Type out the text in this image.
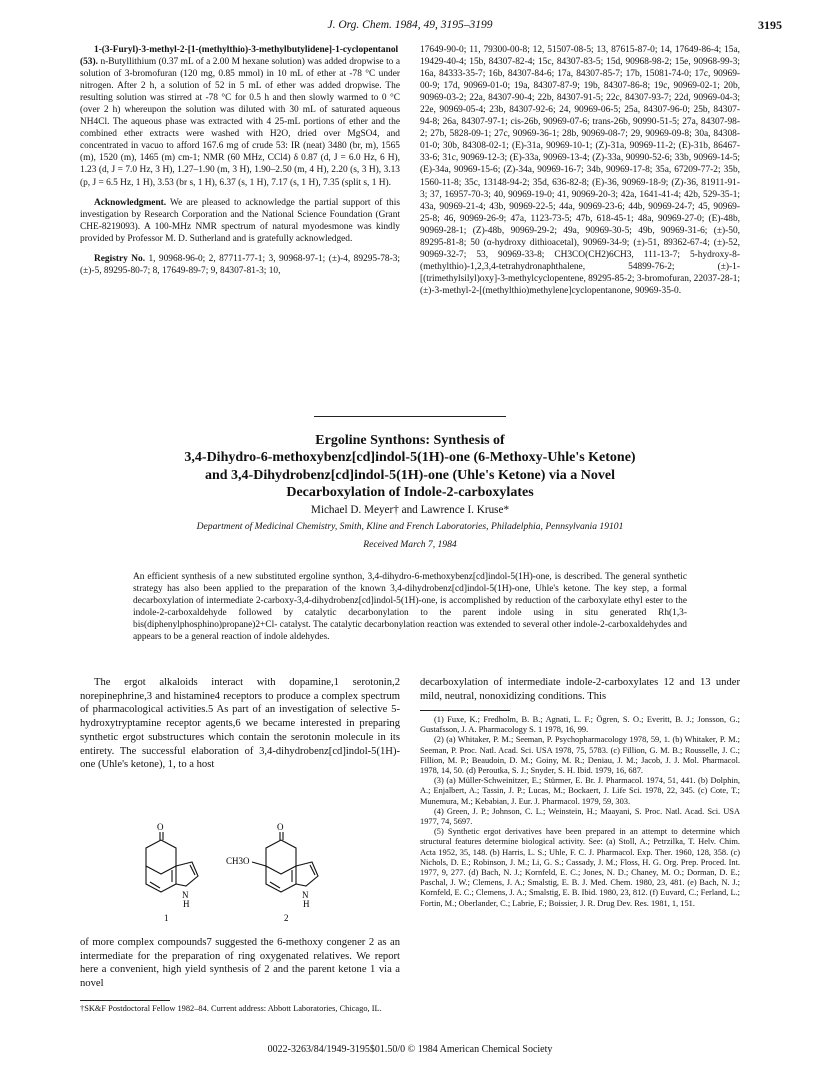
J. Org. Chem. 1984, 49, 3195–3199	3195

1-(3-Furyl)-3-methyl-2-[1-(methylthio)-3-methylbutylidene]-1-cyclopentanol (53). n-Butyllithium (0.37 mL of a 2.00 M hexane solution) was added dropwise to a solution of 3-bromofuran (120 mg, 0.85 mmol) in 10 mL of ether at -78 °C under nitrogen. After 2 h, a solution of 52 in 5 mL of ether was added dropwise. The resulting solution was stirred at -78 °C for 0.5 h and then slowly warmed to 0 °C (over 2 h) whereupon the solution was diluted with 30 mL of saturated aqueous NH4Cl. The aqueous phase was extracted with 4 25-mL portions of ether and the combined ether extracts were washed with H2O, dried over MgSO4, and concentrated in vacuo to afford 167.6 mg of crude 53: IR (neat) 3480 (br, m), 1565 (m), 1520 (m), 1465 (m) cm-1; NMR (60 MHz, CCl4) δ 0.87 (d, J = 6.0 Hz, 6 H), 1.23 (d, J = 7.0 Hz, 3 H), 1.27–1.90 (m, 3 H), 1.90–2.50 (m, 4 H), 2.20 (s, 3 H), 3.13 (p, J = 6.5 Hz, 1 H), 3.53 (br s, 1 H), 6.37 (s, 1 H), 7.17 (s, 1 H), 7.35 (split s, 1 H).

Acknowledgment. We are pleased to acknowledge the partial support of this investigation by Research Corporation and the National Science Foundation (Grant CHE-8219093). A 100-MHz NMR spectrum of natural myodesmone was kindly provided by Professor M. D. Sutherland and is gratefully acknowledged.

Registry No. 1, 90968-96-0; 2, 87711-77-1; 3, 90968-97-1; (±)-4, 89295-78-3; (±)-5, 89295-80-7; 8, 17649-89-7; 9, 84307-81-3; 10,

17649-90-0; 11, 79300-00-8; 12, 51507-08-5; 13, 87615-87-0; 14, 17649-86-4; 15a, 19429-40-4; 15b, 84307-82-4; 15c, 84307-83-5; 15d, 90968-98-2; 15e, 90968-99-3; 16a, 84333-35-7; 16b, 84307-84-6; 17a, 84307-85-7; 17b, 15081-74-0; 17c, 90969-00-9; 17d, 90969-01-0; 19a, 84307-87-9; 19b, 84307-86-8; 19c, 90969-02-1; 20b, 90969-03-2; 22a, 84307-90-4; 22b, 84307-91-5; 22c, 84307-93-7; 22d, 90969-04-3; 22e, 90969-05-4; 23b, 84307-92-6; 24, 90969-06-5; 25a, 84307-96-0; 25b, 84307-94-8; 26a, 84307-97-1; cis-26b, 90969-07-6; trans-26b, 90990-51-5; 27a, 84307-98-2; 27b, 5828-09-1; 27c, 90969-36-1; 28b, 90969-08-7; 29, 90969-09-8; 30a, 84308-01-0; 30b, 84308-02-1; (E)-31a, 90969-10-1; (Z)-31a, 90969-11-2; (E)-31b, 86467-33-6; 31c, 90969-12-3; (E)-33a, 90969-13-4; (Z)-33a, 90990-52-6; 33b, 90969-14-5; (E)-34a, 90969-15-6; (Z)-34a, 90969-16-7; 34b, 90969-17-8; 35a, 67209-77-2; 35b, 1560-11-8; 35c, 13148-94-2; 35d, 636-82-8; (E)-36, 90969-18-9; (Z)-36, 81911-91-3; 37, 16957-70-3; 40, 90969-19-0; 41, 90969-20-3; 42a, 1641-41-4; 42b, 529-35-1; 43a, 90969-21-4; 43b, 90969-22-5; 44a, 90969-23-6; 44b, 90969-24-7; 45, 90969-25-8; 46, 90969-26-9; 47a, 1123-73-5; 47b, 618-45-1; 48a, 90969-27-0; (E)-48b, 90969-28-1; (Z)-48b, 90969-29-2; 49a, 90969-30-5; 49b, 90969-31-6; (±)-50, 89295-81-8; 50 (α-hydroxy dithioacetal), 90969-34-9; (±)-51, 89362-67-4; (±)-52, 90969-32-7; 53, 90969-33-8; CH3CO(CH2)6CH3, 111-13-7; 5-hydroxy-8-(methylthio)-1,2,3,4-tetrahydronaphthalene, 54899-76-2; (±)-1-[(trimethylsilyl)oxy]-3-methylcyclopentene, 89295-85-2; 3-bromofuran, 22037-28-1; (±)-3-methyl-2-[(methylthio)methylene]cyclopentanone, 90969-35-0.

Ergoline Synthons: Synthesis of
3,4-Dihydro-6-methoxybenz[cd]indol-5(1H)-one (6-Methoxy-Uhle's Ketone)
and 3,4-Dihydrobenz[cd]indol-5(1H)-one (Uhle's Ketone) via a Novel
Decarboxylation of Indole-2-carboxylates
Michael D. Meyer† and Lawrence I. Kruse*
Department of Medicinal Chemistry, Smith, Kline and French Laboratories, Philadelphia, Pennsylvania 19101
Received March 7, 1984
An efficient synthesis of a new substituted ergoline synthon, 3,4-dihydro-6-methoxybenz[cd]indol-5(1H)-one, is described. The general synthetic strategy has also been applied to the preparation of the known 3,4-dihydrobenz[cd]indol-5(1H)-one, Uhle's ketone. The key step, a formal decarboxylation of intermediate 2-carboxy-3,4-dihydrobenz[cd]indol-5(1H)-one, is accomplished by reduction of the carboxylate ethyl ester to the indole-2-carboxaldehyde followed by catalytic decarbonylation to the parent indole using in situ generated Rh(1,3-bis(diphenylphosphino)propane)2+Cl- catalyst. The catalytic decarbonylation reaction was extended to several other indole-2-carboxaldehydes and appears to be a general reaction of indole aldehydes.

The ergot alkaloids interact with dopamine,1 serotonin,2 norepinephrine,3 and histamine4 receptors to produce a complex spectrum of pharmacological activities.5 As part of an investigation of selective 5-hydroxytryptamine receptor agents,6 we became interested in preparing synthetic ergot substructures which contain the serotonin molecule in its entirety. The successful elaboration of 3,4-dihydrobenz[cd]indol-5(1H)-one (Uhle's ketone), 1, to a host

O
N
H
1
O
CH3O
N
H
2

of more complex compounds7 suggested the 6-methoxy congener 2 as an intermediate for the preparation of ring oxygenated relatives. We report here a convenient, high yield synthesis of 2 and the parent ketone 1 via a novel

†SK&F Postdoctoral Fellow 1982–84. Current address: Abbott Laboratories, Chicago, IL.
decarboxylation of intermediate indole-2-carboxylates 12 and 13 under mild, neutral, nonoxidizing conditions. This

(1) Fuxe, K.; Fredholm, B. B.; Agnati, L. F.; Ögren, S. O.; Everitt, B. J.; Jonsson, G.; Gustafsson, J. A. Pharmacology S. 1 1978, 16, 99.

(2) (a) Whitaker, P. M.; Seeman, P. Psychopharmacology 1978, 59, 1. (b) Whitaker, P. M.; Seeman, P. Proc. Natl. Acad. Sci. USA 1978, 75, 5783. (c) Fillion, G. M. B.; Rousselle, J. C.; Fillion, M. P.; Beaudoin, D. M.; Goiny, M. R.; Deniau, J. M.; Jacob, J. J. Mol. Pharmacol. 1978, 14, 50. (d) Peroutka, S. J.; Snyder, S. H. Ibid. 1979, 16, 687.

(3) (a) Müller-Schweinitzer, E.; Stürmer, E. Br. J. Pharmacol. 1974, 51, 441. (b) Dolphin, A.; Enjalbert, A.; Tassin, J. P.; Lucas, M.; Bockaert, J. Life Sci. 1978, 22, 345. (c) Cote, T.; Munemura, M.; Kebabian, J. Eur. J. Pharmacol. 1979, 59, 303.

(4) Green, J. P.; Johnson, C. L.; Weinstein, H.; Maayani, S. Proc. Natl. Acad. Sci. USA 1977, 74, 5697.

(5) Synthetic ergot derivatives have been prepared in an attempt to determine which structural features determine biological activity. See: (a) Stoll, A.; Petrzilka, T. Helv. Chim. Acta 1952, 35, 148. (b) Harris, L. S.; Uhle, F. C. J. Pharmacol. Exp. Ther. 1960, 128, 358. (c) Nichols, D. E.; Robinson, J. M.; Li, G. S.; Cassady, J. M.; Floss, H. G. Org. Prep. Proced. Int. 1977, 9, 277. (d) Bach, N. J.; Kornfeld, E. C.; Jones, N. D.; Chaney, M. O.; Dorman, D. E.; Paschal, J. W.; Clemens, J. A.; Smalstig, E. B. J. Med. Chem. 1980, 23, 481. (e) Bach, N. J.; Kornfeld, E. C.; Clemens, J. A.; Smalstig, E. B. Ibid. 1980, 23, 812. (f) Euvard, C.; Ferland, L.; Fortin, M.; Oberlander, C.; Labrie, F.; Boissier, J. R. Drug Dev. Res. 1981, 1, 151.

0022-3263/84/1949-3195$01.50/0 © 1984 American Chemical Society
